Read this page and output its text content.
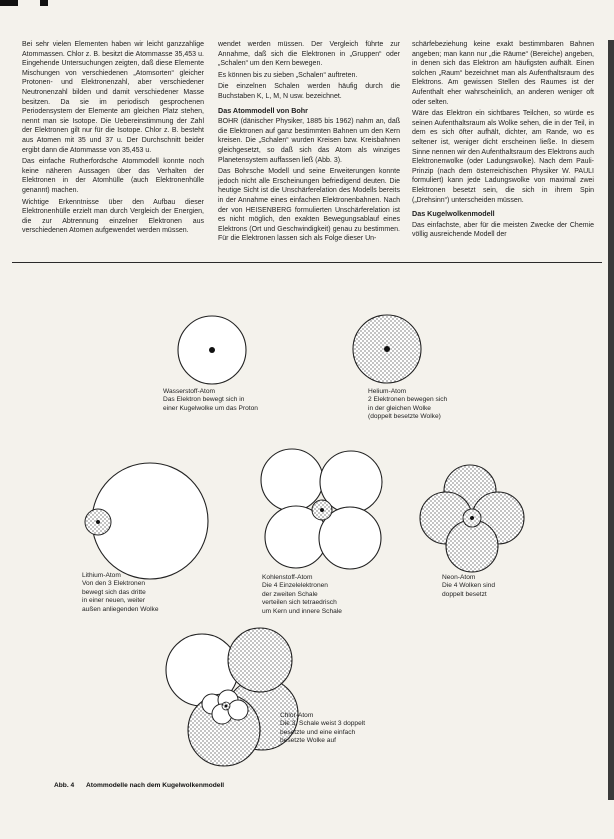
Bei sehr vielen Elementen haben wir leicht ganzzahlige Atommassen. Chlor z. B. besitzt die Atommasse 35,453 u. Eingehende Untersuchungen zeigten, daß diese Elemente Mischungen von verschiedenen „Atomsorten“ gleicher Protonen- und Elektronenzahl, aber verschiedener Neutronenzahl bilden und damit verschiedener Masse besitzen. Da sie im periodisch gesprochenen Periodensystem der Elemente am gleichen Platz stehen, nennt man sie Isotope. Die Uebereinstimmung der Zahl der Elektronen gilt nur für die Isotope. Chlor z. B. besteht aus Atomen mit 35 und 37 u. Der Durchschnitt beider ergibt dann die Atommasse von 35,453 u.

Das einfache Rutherfordsche Atommodell konnte noch keine näheren Aussagen über das Verhalten der Elektronen in der Atomhülle (auch Elektronenhülle genannt) machen.

Wichtige Erkenntnisse über den Aufbau dieser Elektronenhülle erzielt man durch Vergleich der Energien, die zur Abtrennung einzelner Elektronen aus verschiedenen Atomen aufgewendet werden müssen.

wendet werden müssen. Der Vergleich führte zur Annahme, daß sich die Elektronen in „Gruppen“ oder „Schalen“ um den Kern bewegen.

Es können bis zu sieben „Schalen“ auftreten.

Die einzelnen Schalen werden häufig durch die Buchstaben K, L, M, N usw. bezeichnet.

Das Atommodell von Bohr

BOHR (dänischer Physiker, 1885 bis 1962) nahm an, daß die Elektronen auf ganz bestimmten Bahnen um den Kern kreisen. Die „Schalen“ wurden Kreisen bzw. Kreisbahnen gleichgesetzt, so daß sich das Atom als winziges Planetensystem auffassen ließ (Abb. 3).

Das Bohrsche Modell und seine Erweiterungen konnte jedoch nicht alle Erscheinungen befriedigend deuten. Die heutige Sicht ist die Unschärferelation des Modells bereits in der Annahme eines einfachen Elektronenbahnen. Nach der von HEISENBERG formulierten Unschärferelation ist es nicht möglich, den exakten Bewegungsablauf eines Elektrons (Ort und Geschwindigkeit) genau zu bestimmen. Für die Elektronen lassen sich als Folge dieser Un-

schärfebeziehung keine exakt bestimmbaren Bahnen angeben; man kann nur „die Räume“ (Bereiche) angeben, in denen sich das Elektron am häufigsten aufhält. Einen solchen „Raum“ bezeichnet man als Aufenthaltsraum des Elektrons. Am gewissen Stellen des Raumes ist der Aufenthalt eher wahrscheinlich, an anderen weniger oft oder selten.

Wäre das Elektron ein sichtbares Teilchen, so würde es seinen Aufenthaltsraum als Wolke sehen, die in der Teil, in dem es sich öfter aufhält, dichter, am Rande, wo es seltener ist, weniger dicht erscheinen ließe. In diesem Sinne nennen wir den Aufenthaltsraum des Elektrons auch Elektronenwolke (oder Ladungswolke). Nach dem Pauli-Prinzip (nach dem österreichischen Physiker W. PAULI formuliert) kann jede Ladungswolke von maximal zwei Elektronen besetzt sein, die sich in ihrem Spin („Drehsinn“) unterscheiden müssen.

Das Kugelwolkenmodell

Das einfachste, aber für die meisten Zwecke der Chemie völlig ausreichende Modell der

Wasserstoff-Atom
Das Elektron bewegt sich in
einer Kugelwolke um das Proton
Helium-Atom
2 Elektronen bewegen sich
in der gleichen Wolke
(doppelt besetzte Wolke)
Lithium-Atom
Von den 3 Elektronen
bewegt sich das dritte
in einer neuen, weiter
außen anliegenden Wolke
Kohlenstoff-Atom
Die 4 Einzelelektronen
der zweiten Schale
verteilen sich tetraedrisch
um Kern und innere Schale
Neon-Atom
Die 4 Wolken sind
doppelt besetzt
Chlor-Atom
Die 3. Schale weist 3 doppelt
besetzte und eine einfach
besetzte Wolke auf
Abb. 4 Atommodelle nach dem Kugelwolkenmodell
